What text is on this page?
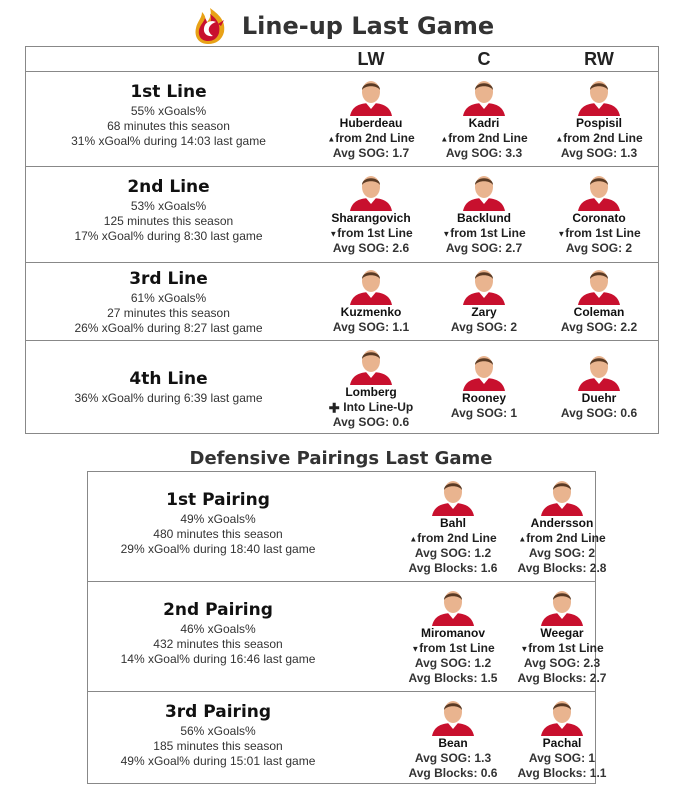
Line-up Last Game
LW	C	RW
1st Line
55% xGoals%
68 minutes this season
31% xGoal% during 14:03 last game
Huberdeau
▲from 2nd Line
Avg SOG: 1.7
Kadri
▲from 2nd Line
Avg SOG: 3.3
Pospisil
▲from 2nd Line
Avg SOG: 1.3
2nd Line
53% xGoals%
125 minutes this season
17% xGoal% during 8:30 last game
Sharangovich
▼from 1st Line
Avg SOG: 2.6
Backlund
▼from 1st Line
Avg SOG: 2.7
Coronato
▼from 1st Line
Avg SOG: 2
3rd Line
61% xGoals%
27 minutes this season
26% xGoal% during 8:27 last game
Kuzmenko
Avg SOG: 1.1
Zary
Avg SOG: 2
Coleman
Avg SOG: 2.2
4th Line
36% xGoal% during 6:39 last game	Lomberg
✚ Into Line-Up
Avg SOG: 0.6
Rooney
Avg SOG: 1
Duehr
Avg SOG: 0.6
Defensive Pairings Last Game
1st Pairing
49% xGoals%
480 minutes this season
29% xGoal% during 18:40 last game
Bahl
▲from 2nd Line
Avg SOG: 1.2
Avg Blocks: 1.6
Andersson
▲from 2nd Line
Avg SOG: 2
Avg Blocks: 2.8
2nd Pairing
46% xGoals%
432 minutes this season
14% xGoal% during 16:46 last game
Miromanov
▼from 1st Line
Avg SOG: 1.2
Avg Blocks: 1.5
Weegar
▼from 1st Line
Avg SOG: 2.3
Avg Blocks: 2.7
3rd Pairing
56% xGoals%
185 minutes this season
49% xGoal% during 15:01 last game
Bean
Avg SOG: 1.3
Avg Blocks: 0.6
Pachal
Avg SOG: 1
Avg Blocks: 1.1
